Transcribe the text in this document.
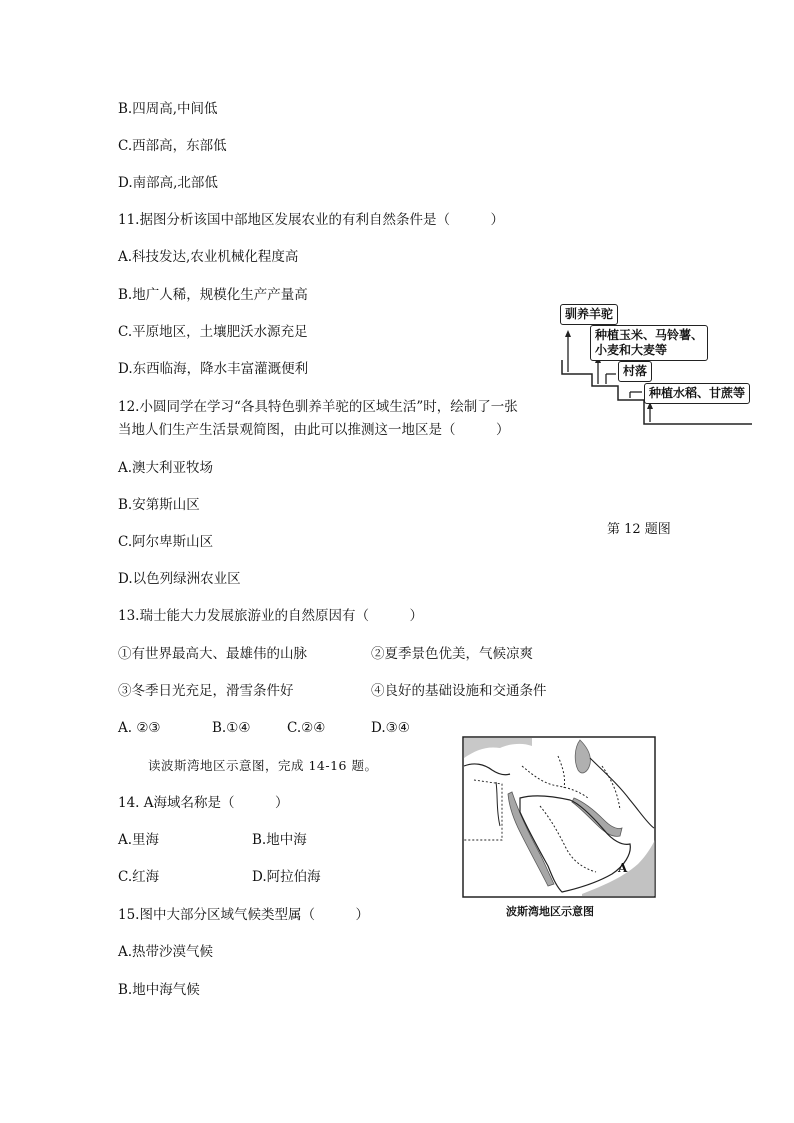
B.四周高,中间低
C.西部高，东部低
D.南部高,北部低
11.据图分析该国中部地区发展农业的有利自然条件是（　　　）
A.科技发达,农业机械化程度高
B.地广人稀，规模化生产产量高
C.平原地区，土壤肥沃水源充足
D.东西临海，降水丰富灌溉便利
12.小圆同学在学习“各具特色驯养羊驼的区域生活”时，绘制了一张
当地人们生产生活景观简图，由此可以推测这一地区是（　　　）
A.澳大利亚牧场
B.安第斯山区
C.阿尔卑斯山区
D.以色列绿洲农业区
驯养羊驼
种植玉米、马铃薯、
小麦和大麦等
村落
种植水稻、甘蔗等
第 12 题图
13.瑞士能大力发展旅游业的自然原因有（　　　）
①有世界最高大、最雄伟的山脉	②夏季景色优美，气候凉爽
③冬季日光充足，滑雪条件好	④良好的基础设施和交通条件
A. ②③	B.①④	C.②④	D.③④
读波斯湾地区示意图，完成 14-16 题。
A
波斯湾地区示意图
14. A海域名称是（　　　）
A.里海	B.地中海
C.红海	D.阿拉伯海
15.图中大部分区域气候类型属（　　　）
A.热带沙漠气候
B.地中海气候
